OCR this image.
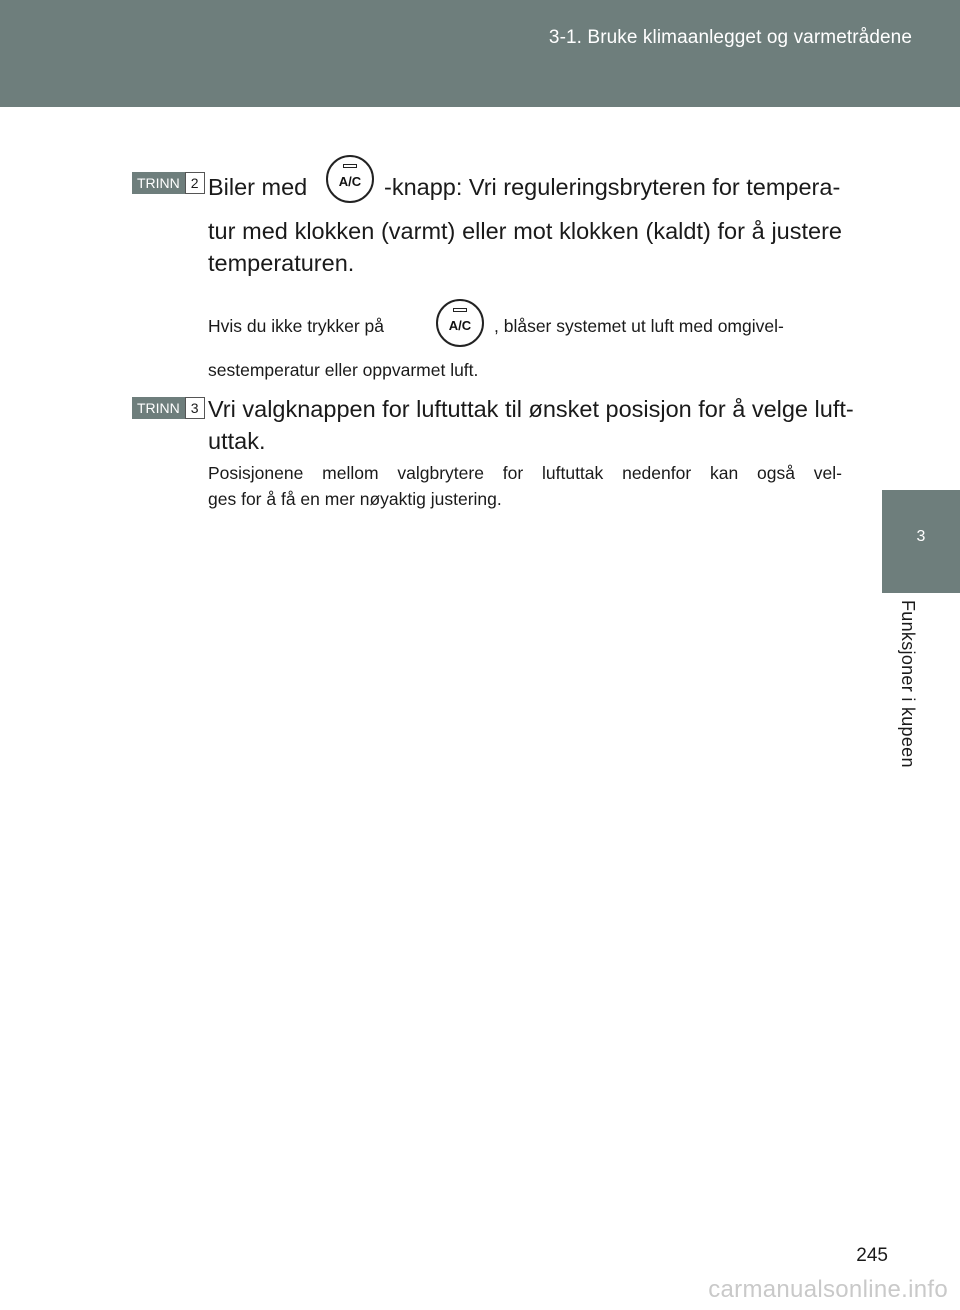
3-1. Bruke klimaanlegget og varmetrådene
3
Funksjoner i kupeen
TRINN 2 Biler med	-knapp: Vri reguleringsbryteren for tempera-
A/C
tur med klokken (varmt) eller mot klokken (kaldt) for å justere
temperaturen.
Hvis du ikke trykker på	, blåser systemet ut luft med omgivel-
A/C
sestemperatur eller oppvarmet luft.
TRINN 3 Vri valgknappen for luftuttak til ønsket posisjon for å velge luft-
uttak.
Posisjonene mellom valgbrytere for luftuttak nedenfor kan også vel-
ges for å få en mer nøyaktig justering.
245
carmanualsonline.info
